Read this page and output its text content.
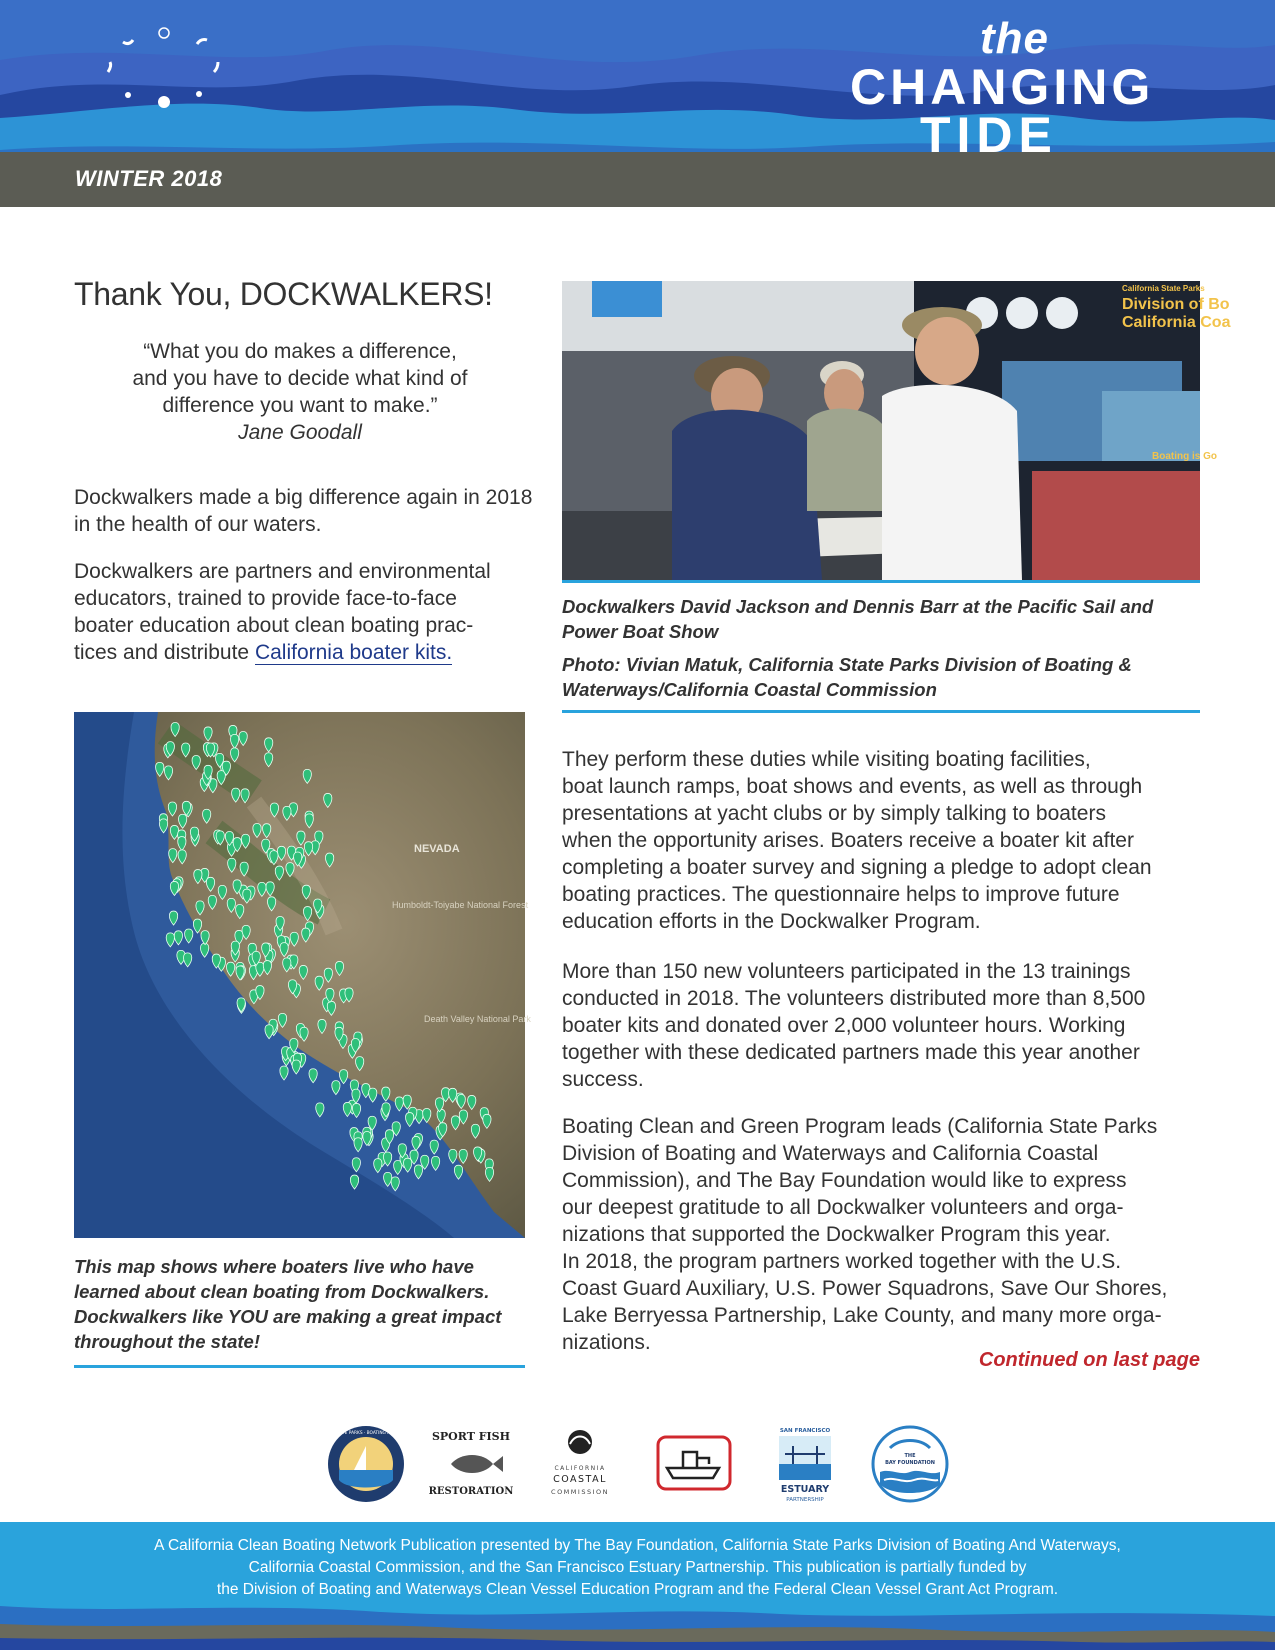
WINTER 2018
the
CHANGING
TIDE
Thank You, DOCKWALKERS!
“What you do makes a difference,
and you have to decide what kind of
difference you want to make.”
Jane Goodall
Dockwalkers made a big difference again in 2018 in the health of our waters.
Dockwalkers are partners and environmental
educators, trained to provide face-to-face
boater education about clean boating prac-
tices and distribute California boater kits.
NEVADA
Humboldt-Toiyabe National Forest
Death Valley National Park
This map shows where boaters live who have
learned about clean boating from Dockwalkers.
Dockwalkers like YOU are making a great impact
throughout the state!
California State Parks
Division of Bo
California Coa
Boating is Go
Dockwalkers David Jackson and Dennis Barr at the Pacific Sail and
Power Boat Show
Photo: Vivian Matuk, California State Parks Division of Boating &
Waterways/California Coastal Commission
They perform these duties while visiting boating facilities,
boat launch ramps, boat shows and events, as well as through
presentations at yacht clubs or by simply talking to boaters
when the opportunity arises. Boaters receive a boater kit after
completing a boater survey and signing a pledge to adopt clean
boating practices. The questionnaire helps to improve future
education efforts in the Dockwalker Program.
More than 150 new volunteers participated in the 13 trainings
conducted in 2018. The volunteers distributed more than 8,500
boater kits and donated over 2,000 volunteer hours. Working
together with these dedicated partners made this year another
success.
Boating Clean and Green Program leads (California State Parks
Division of Boating and Waterways and California Coastal
Commission), and The Bay Foundation would like to express
our deepest gratitude to all Dockwalker volunteers and orga-
nizations that supported the Dockwalker Program this year.
In 2018, the program partners worked together with the U.S.
Coast Guard Auxiliary, U.S. Power Squadrons, Save Our Shores,
Lake Berryessa Partnership, Lake County, and many more orga-
nizations.
Continued on last page
CALIFORNIA STATE PARKS · BOATING AND WATERWAYS SPORT FISH
RESTORATION
CALIFORNIA
COASTAL
COMMISSION
SAN FRANCISCO
ESTUARY
PARTNERSHIP
THE
BAY FOUNDATION
A California Clean Boating Network Publication presented by The Bay Foundation, California State Parks Division of Boating And Waterways,
California Coastal Commission, and the San Francisco Estuary Partnership. This publication is partially funded by
the Division of Boating and Waterways Clean Vessel Education Program and the Federal Clean Vessel Grant Act Program.
